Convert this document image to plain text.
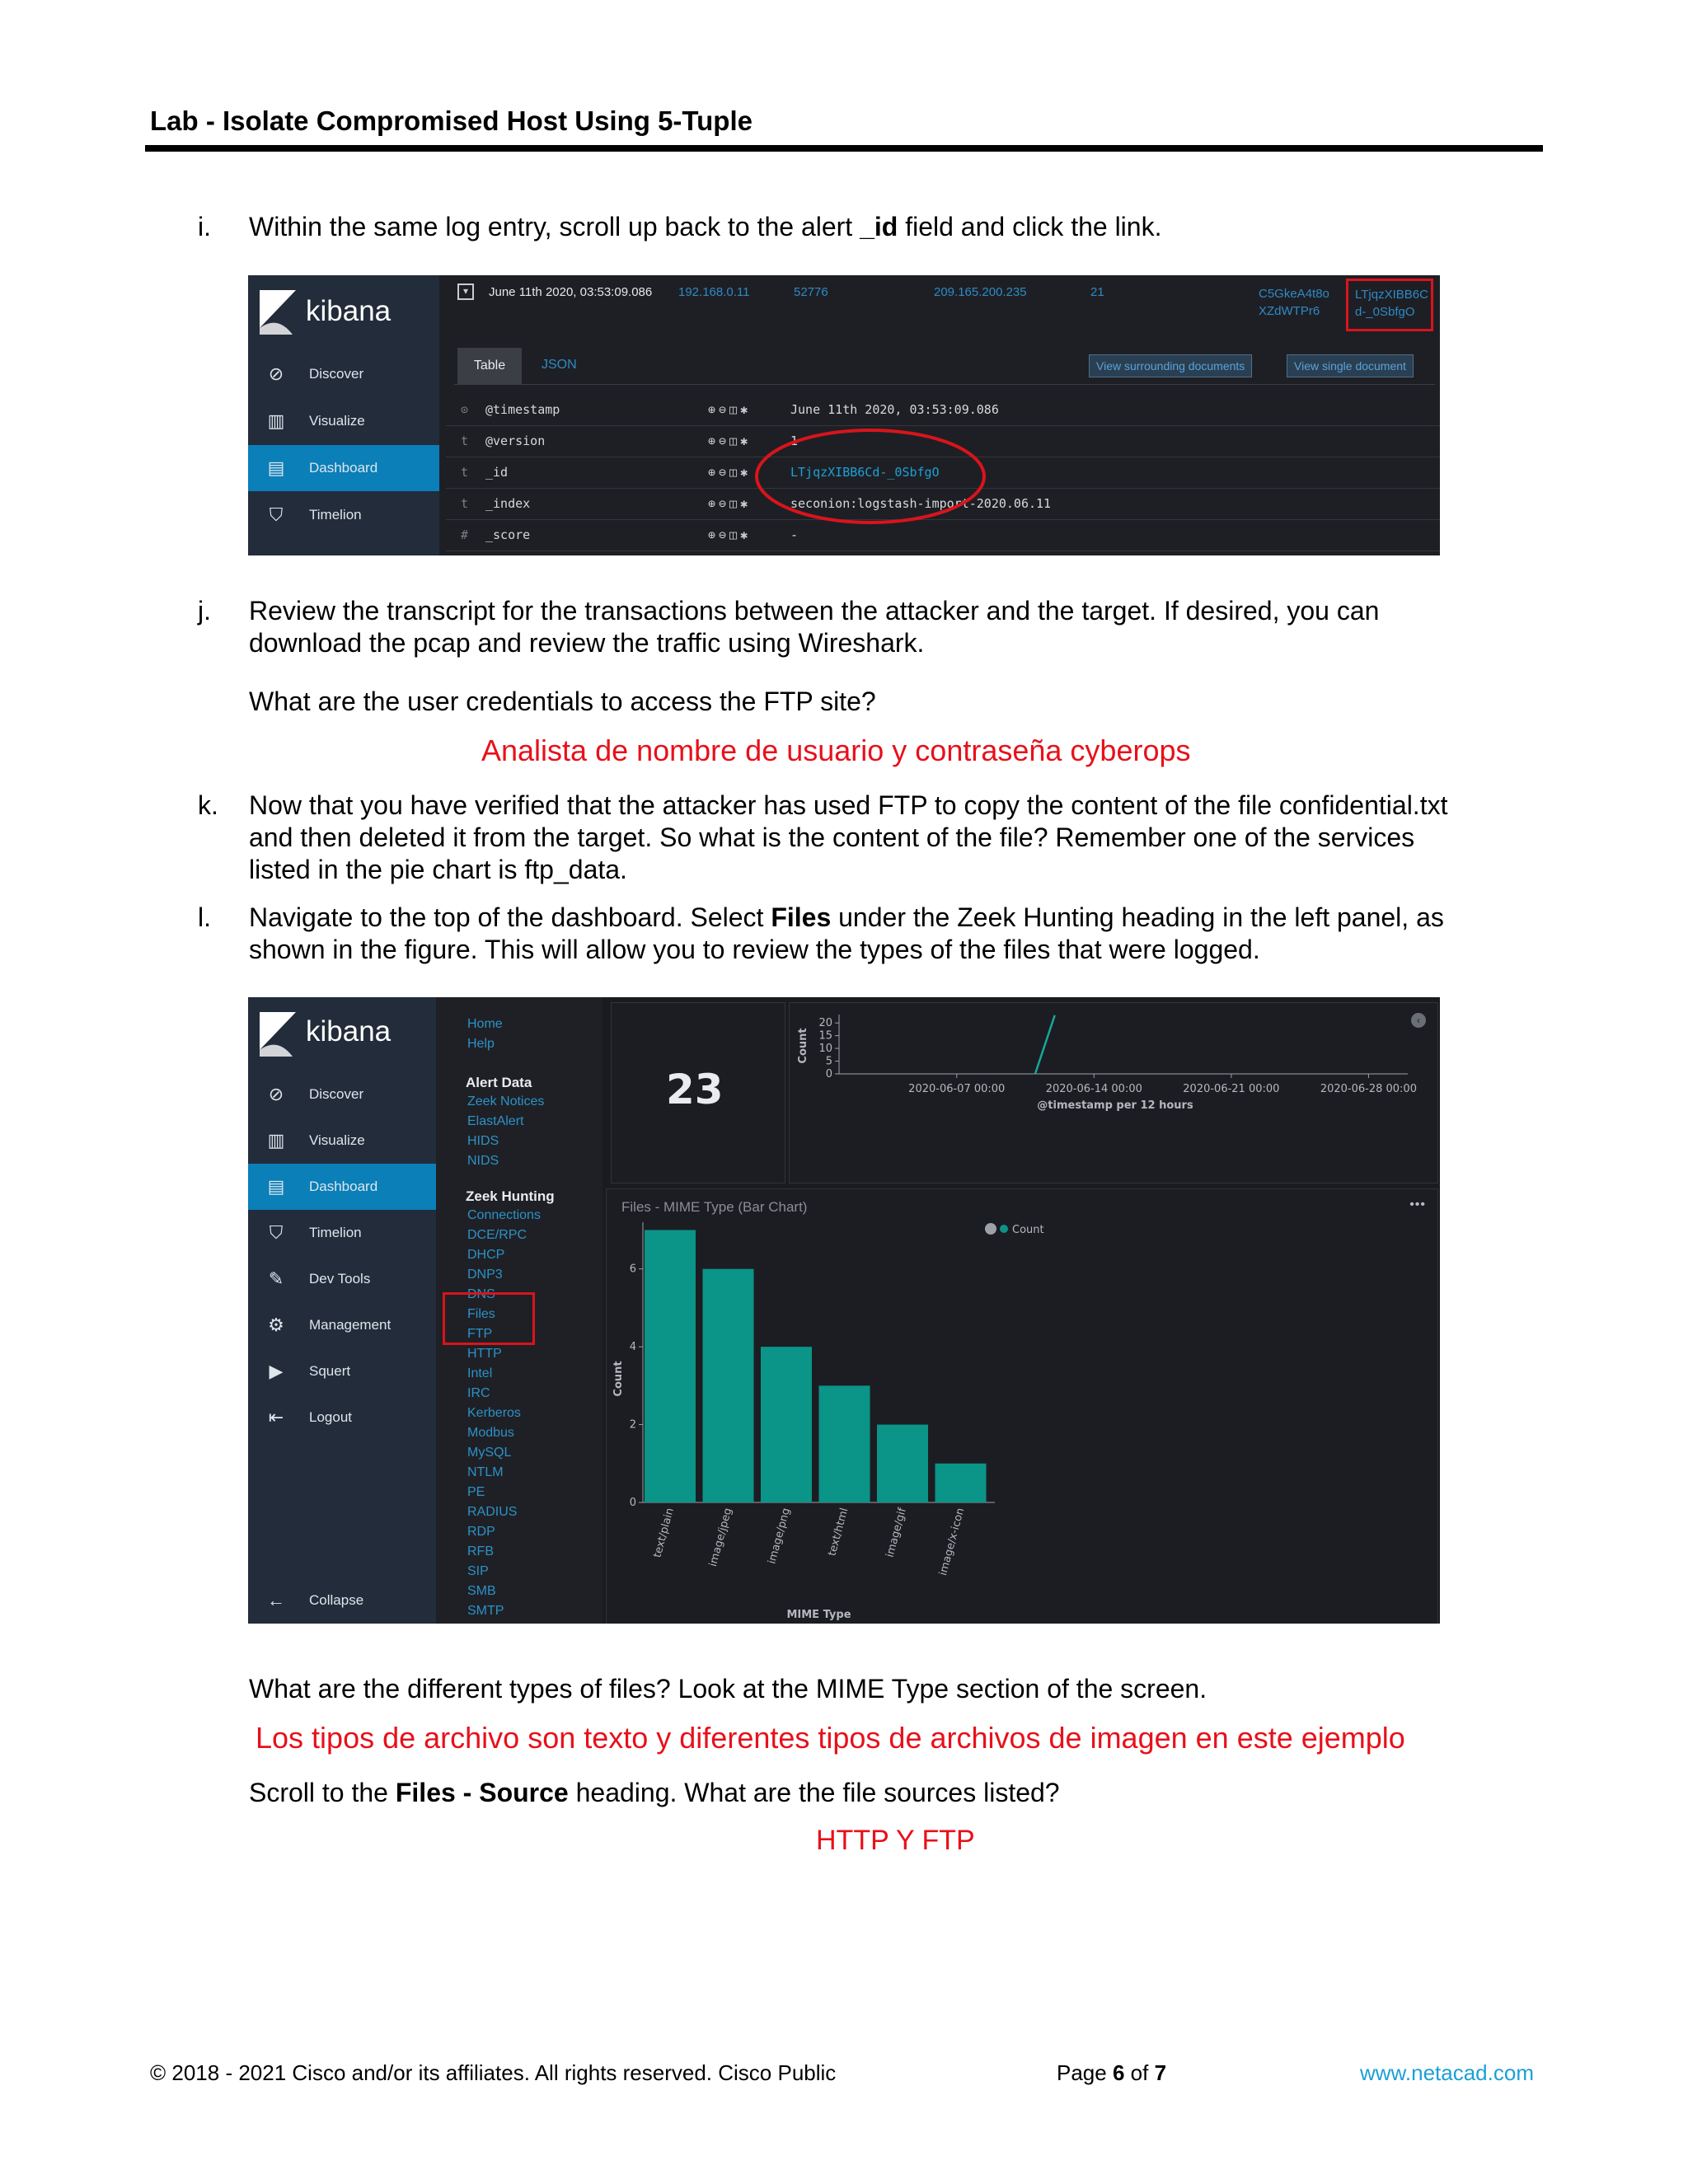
Lab - Isolate Compromised Host Using 5-Tuple
i.	Within the same log entry, scroll up back to the alert _id field and click the link.
kibana
⊘ Discover
▥ Visualize
▤ Dashboard
⛉	Timelion
▾	June 11th 2020, 03:53:09.086 192.168.0.11	52776	209.165.200.235	21	C5GkeA4t8o
XZdWTPr6
LTjqzXIBB6C
d-_0SbfgO
Table	JSON	View surrounding documents	View single document
⊙	@timestamp	⊕⊖◫✱	June 11th 2020, 03:53:09.086
t	@version	⊕⊖◫✱	1
t	_id	⊕⊖◫✱	LTjqzXIBB6Cd-_0SbfgO
t	_index	⊕⊖◫✱	seconion:logstash-import-2020.06.11
#	_score	⊕⊖◫✱	-
j.	Review the transcript for the transactions between the attacker and the target. If desired, you can
download the pcap and review the traffic using Wireshark.
What are the user credentials to access the FTP site?
Analista de nombre de usuario y contraseña cyberops
k.	Now that you have verified that the attacker has used FTP to copy the content of the file confidential.txt
and then deleted it from the target. So what is the content of the file? Remember one of the services
listed in the pie chart is ftp_data.
l.	Navigate to the top of the dashboard. Select Files under the Zeek Hunting heading in the left panel, as
shown in the figure. This will allow you to review the types of the files that were logged.
kibana
⊘ Discover
▥ Visualize
▤ Dashboard
⛉	Timelion
✎ Dev Tools
⚙ Management
▶	Squert
⇤ Logout
← Collapse
Home
Help
Alert Data
Zeek Notices
ElastAlert
HIDS
NIDS
Zeek Hunting
Connections
DCE/RPC
DHCP
DNP3
DNS
Files
FTP
HTTP
Intel
IRC
Kerberos
Modbus
MySQL
NTLM
PE
RADIUS
RDP
RFB
SIP
SMB
SMTP
23	0
5
10
15
20
2020-06-07 00:00	2020-06-14 00:00	2020-06-21 00:00	2020-06-28 00:00
@timestamp per 12 hours
Count
‹
Files - MIME Type (Bar Chart)	•••
0
2
4
6
text/plain	image/jpeg	image/png	text/html	image/gif	image/x-icon
MIME Type
Count
Count
What are the different types of files? Look at the MIME Type section of the screen.
Los tipos de archivo son texto y diferentes tipos de archivos de imagen en este ejemplo
Scroll to the Files - Source heading. What are the file sources listed?
HTTP Y FTP
© 2018 - 2021 Cisco and/or its affiliates. All rights reserved. Cisco Public	Page 6 of 7	www.netacad.com
